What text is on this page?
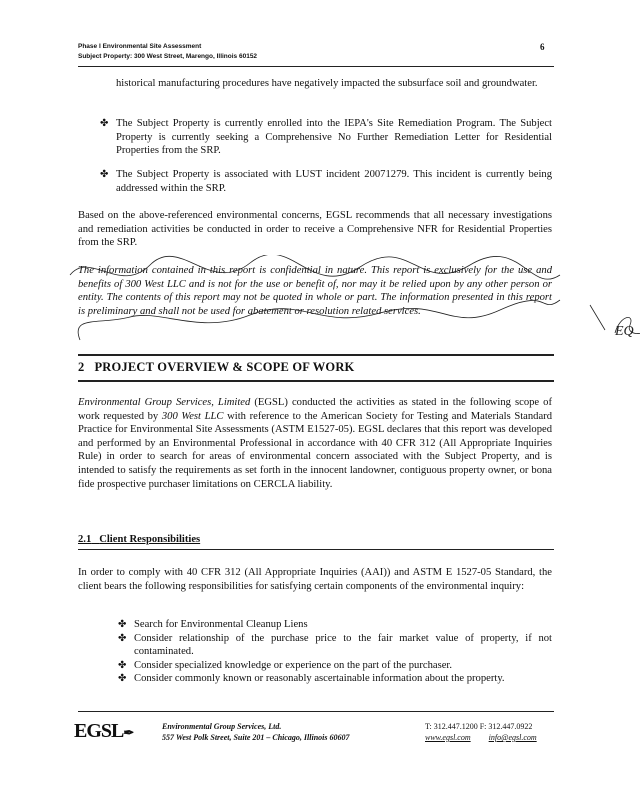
Phase I Environmental Site Assessment
Subject Property: 300 West Street, Marengo, Illinois 60152
6
historical manufacturing procedures have negatively impacted the subsurface soil and groundwater.
✤ The Subject Property is currently enrolled into the IEPA's Site Remediation Program. The Subject Property is currently seeking a Comprehensive No Further Remediation Letter for Residential Properties from the SRP.
✤ The Subject Property is associated with LUST incident 20071279. This incident is currently being addressed within the SRP.
Based on the above-referenced environmental concerns, EGSL recommends that all necessary investigations and remediation activities be conducted in order to receive a Comprehensive NFR for Residential Properties from the SRP.
The information contained in this report is confidential in nature. This report is exclusively for the use and benefits of 300 West LLC and is not for the use or benefit of, nor may it be relied upon by any other person or entity. The contents of this report may not be quoted in whole or part. The information presented in this report is preliminary and shall not be used for abatement or resolution related services.
EQ
2 PROJECT OVERVIEW & SCOPE OF WORK
Environmental Group Services, Limited (EGSL) conducted the activities as stated in the following scope of work requested by 300 West LLC with reference to the American Society for Testing and Materials Standard Practice for Environmental Site Assessments (ASTM E1527-05). EGSL declares that this report was developed and performed by an Environmental Professional in accordance with 40 CFR 312 (All Appropriate Inquiries Rule) in order to search for areas of environmental concern associated with the Subject Property, and is intended to satisfy the requirements as set forth in the innocent landowner, contiguous property owner, or bona fide prospective purchaser limitations on CERCLA liability.
2.1 Client Responsibilities
In order to comply with 40 CFR 312 (All Appropriate Inquiries (AAI)) and ASTM E 1527-05 Standard, the client bears the following responsibilities for satisfying certain components of the environmental inquiry:
✤ Search for Environmental Cleanup Liens
✤ Consider relationship of the purchase price to the fair market value of property, if not contaminated.
✤ Consider specialized knowledge or experience on the part of the purchaser.
✤ Consider commonly known or reasonably ascertainable information about the property.
EGSL✒	Environmental Group Services, Ltd.
557 West Polk Street, Suite 201 – Chicago, Illinois 60607
T: 312.447.1200 F: 312.447.0922
www.egsl.com info@egsl.com
